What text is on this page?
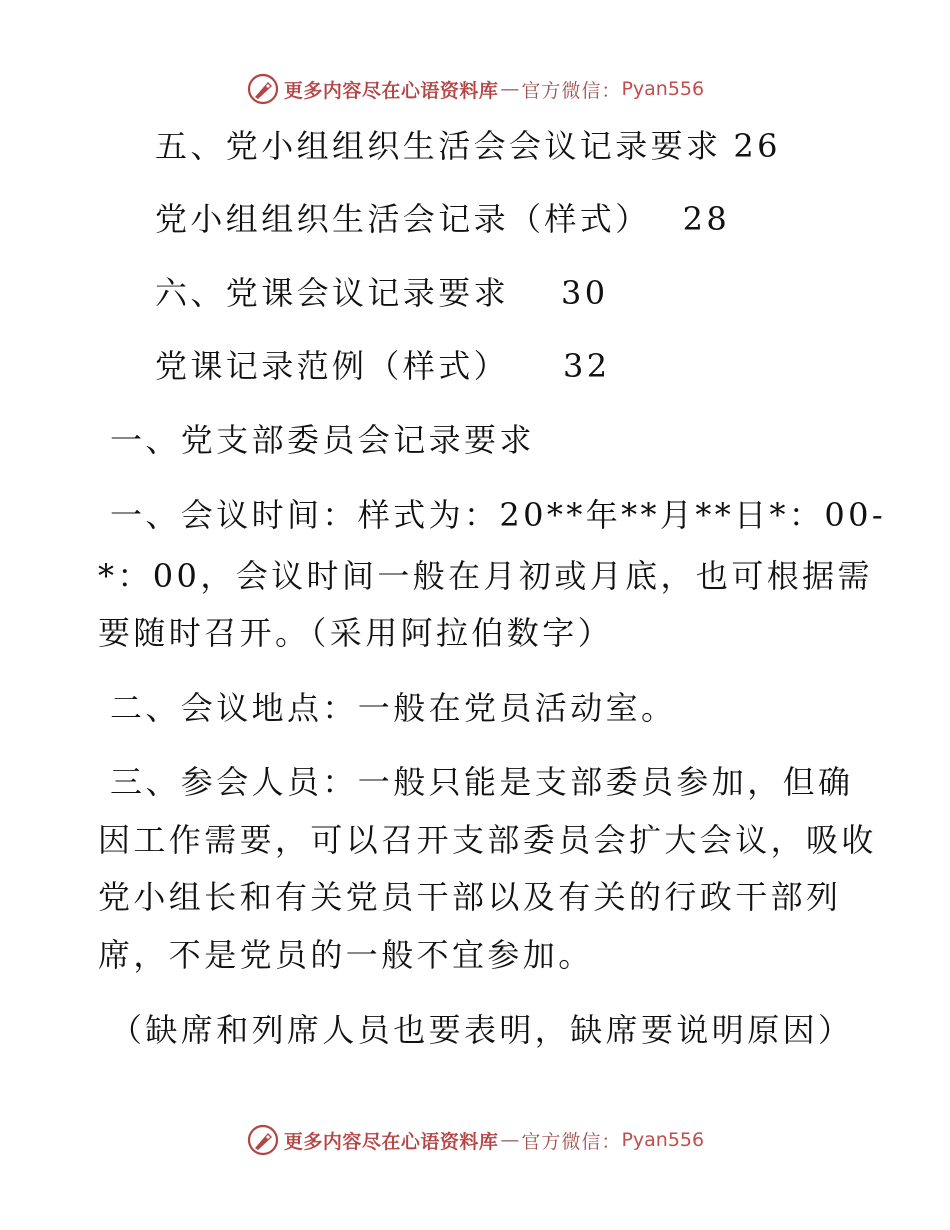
更多内容尽在心语资料库 — 官方微信： Pyan556
五、党小组组织生活会会议记录要求 26
党小组组织生活会记录（样式） 28
六、党课会议记录要求 30
党课记录范例（样式） 32
一、党支部委员会记录要求
一、会议时间：样式为：20**年**月**日*：00-
*：00，会议时间一般在月初或月底，也可根据需
要随时召开。（采用阿拉伯数字）
二、会议地点：一般在党员活动室。
三、参会人员：一般只能是支部委员参加，但确
因工作需要，可以召开支部委员会扩大会议，吸收
党小组长和有关党员干部以及有关的行政干部列
席，不是党员的一般不宜参加。
（缺席和列席人员也要表明，缺席要说明原因）
更多内容尽在心语资料库 — 官方微信： Pyan556
